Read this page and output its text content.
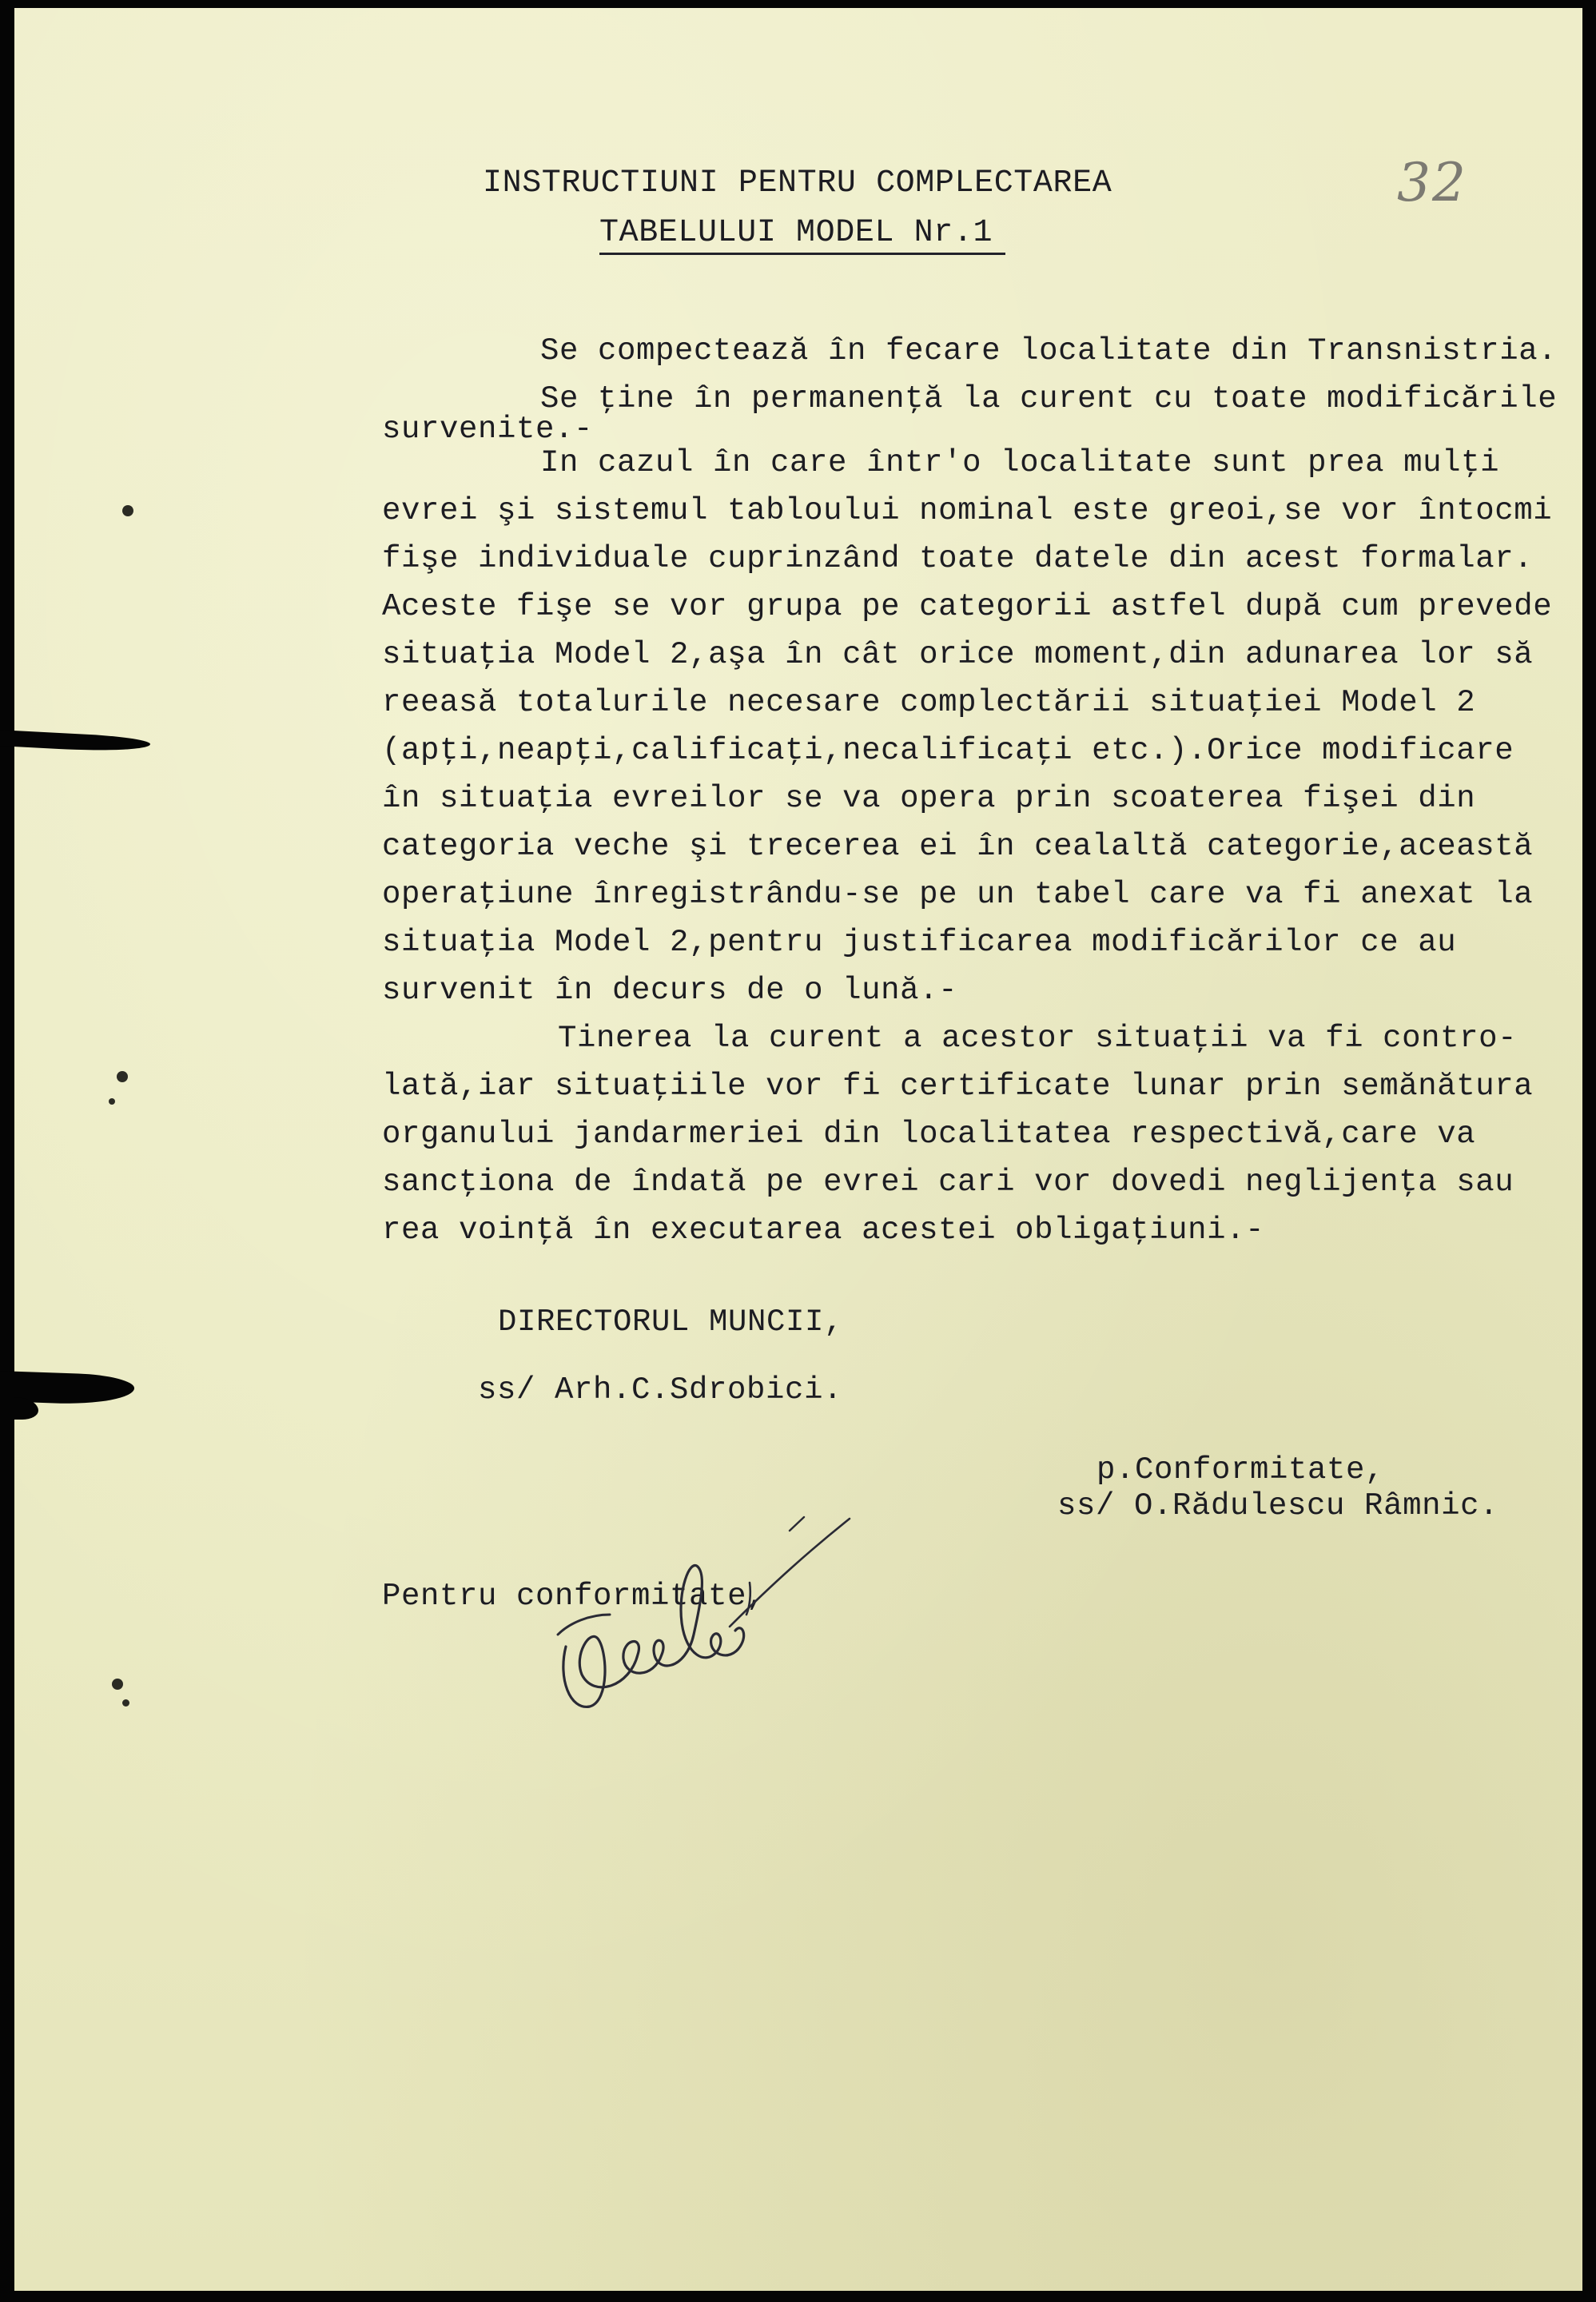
32
INSTRUCTIUNI PENTRU COMPLECTAREA
TABELULUI MODEL Nr.1
Se compectează în fecare localitate din Transnistria.
Se ţine în permanenţă la curent cu toate modificările
survenite.-
In cazul în care într'o localitate sunt prea mulţi
evrei şi sistemul tabloului nominal este greoi,se vor întocmi
fişe individuale cuprinzând toate datele din acest formalar.
Aceste fişe se vor grupa pe categorii astfel după cum prevede
situaţia Model 2,aşa în cât orice moment,din adunarea lor să
reeasă totalurile necesare complectării situaţiei Model 2
(apţi,neapţi,calificaţi,necalificaţi etc.).Orice modificare
în situaţia evreilor se va opera prin scoaterea fişei din
categoria veche şi trecerea ei în cealaltă categorie,această
operaţiune înregistrându-se pe un tabel care va fi anexat la
situaţia Model 2,pentru justificarea modificărilor ce au
survenit în decurs de o lună.-
Tinerea la curent a acestor situaţii va fi contro-
lată,iar situaţiile vor fi certificate lunar prin semănătura
organului jandarmeriei din localitatea respectivă,care va
sancţiona de îndată pe evrei cari vor dovedi neglijenţa sau
rea voinţă în executarea acestei obligaţiuni.-
DIRECTORUL MUNCII,
ss/ Arh.C.Sdrobici.
p.Conformitate,
ss/ O.Rădulescu Râmnic.
Pentru conformitate,
